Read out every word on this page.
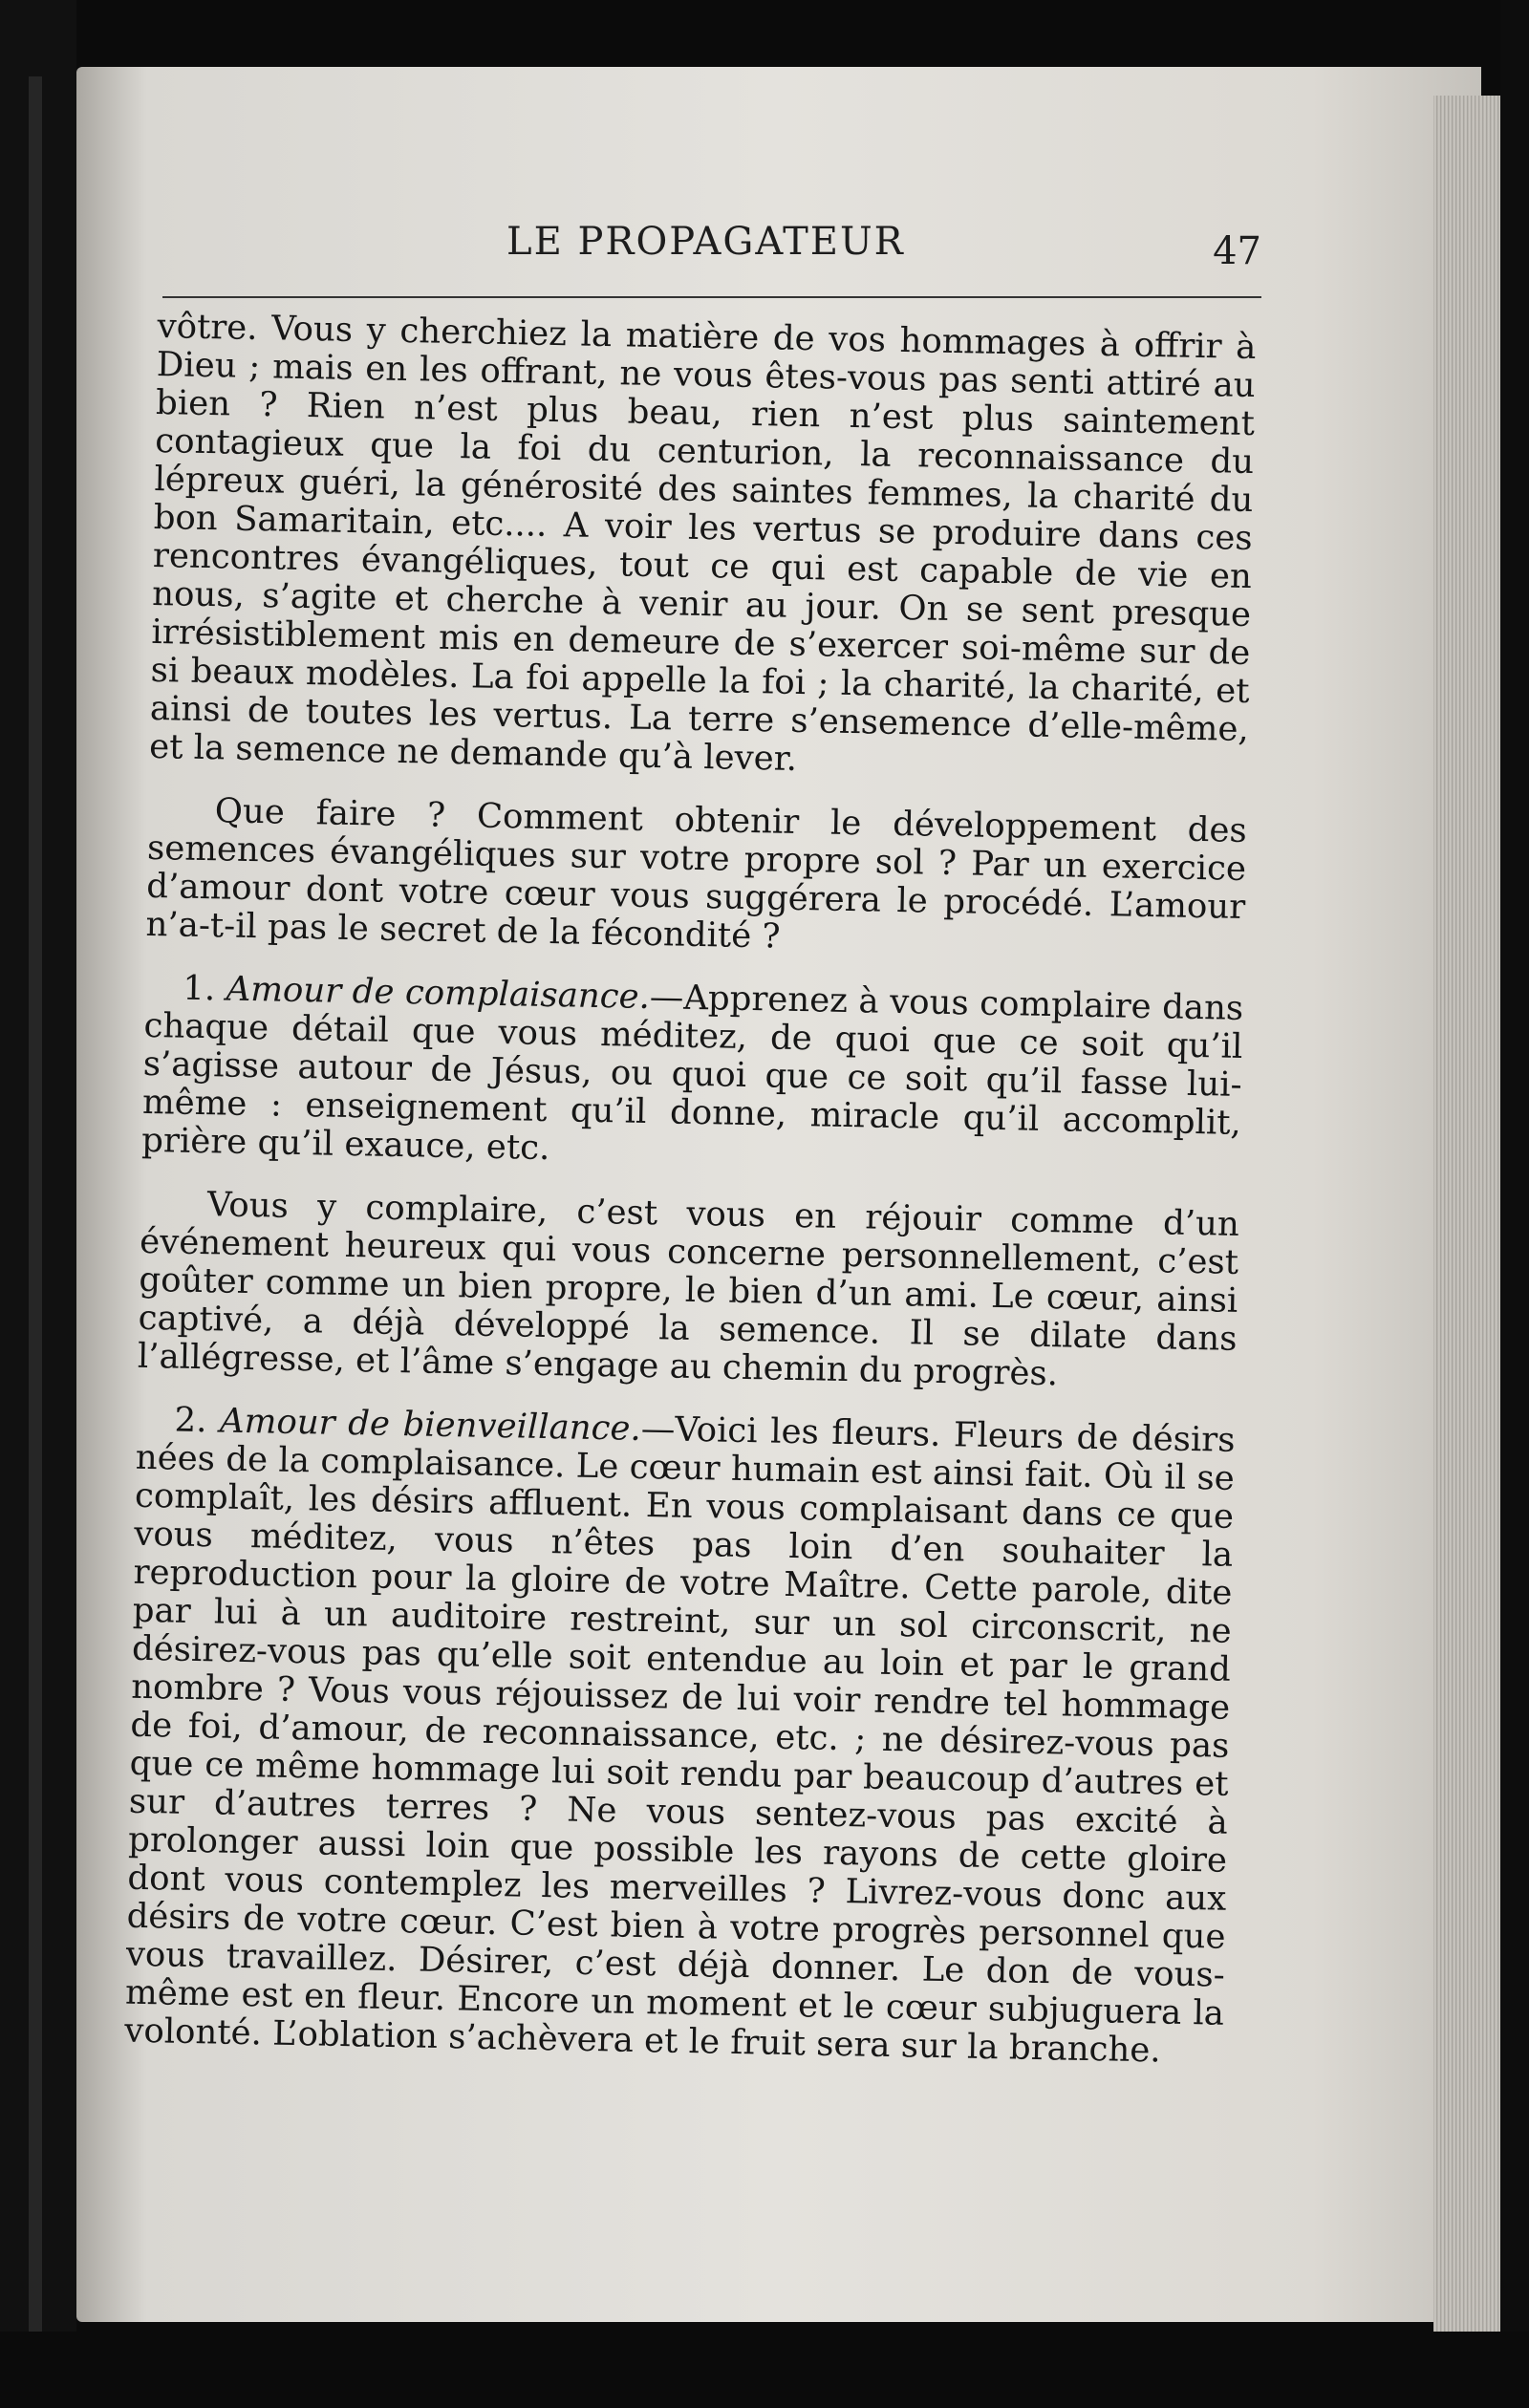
LE PROPAGATEUR	47

vôtre. Vous y cherchiez la matière de vos hommages à offrir à Dieu ; mais en les offrant, ne vous êtes-vous pas senti attiré au bien ? Rien n’est plus beau, rien n’est plus saintement contagieux que la foi du centurion, la reconnaissance du lépreux guéri, la générosité des saintes femmes, la charité du bon Samaritain, etc.... A voir les vertus se produire dans ces rencontres évangéliques, tout ce qui est capable de vie en nous, s’agite et cherche à venir au jour. On se sent presque irrésistiblement mis en demeure de s’exercer soi-même sur de si beaux modèles. La foi appelle la foi ; la charité, la charité, et ainsi de toutes les vertus. La terre s’ensemence d’elle-même, et la semence ne demande qu’à lever.

Que faire ? Comment obtenir le développement des semences évangéliques sur votre propre sol ? Par un exercice d’amour dont votre cœur vous suggérera le procédé. L’amour n’a-t-il pas le secret de la fécondité ?

1. Amour de complaisance.—Apprenez à vous complaire dans chaque détail que vous méditez, de quoi que ce soit qu’il s’agisse autour de Jésus, ou quoi que ce soit qu’il fasse lui-même : enseignement qu’il donne, miracle qu’il accomplit, prière qu’il exauce, etc.

Vous y complaire, c’est vous en réjouir comme d’un événement heureux qui vous concerne personnellement, c’est goûter comme un bien propre, le bien d’un ami. Le cœur, ainsi captivé, a déjà développé la semence. Il se dilate dans l’allégresse, et l’âme s’engage au chemin du progrès.

2. Amour de bienveillance.—Voici les fleurs. Fleurs de désirs nées de la complaisance. Le cœur humain est ainsi fait. Où il se complaît, les désirs affluent. En vous complaisant dans ce que vous méditez, vous n’êtes pas loin d’en souhaiter la reproduction pour la gloire de votre Maître. Cette parole, dite par lui à un auditoire restreint, sur un sol circonscrit, ne désirez-vous pas qu’elle soit entendue au loin et par le grand nombre ? Vous vous réjouissez de lui voir rendre tel hommage de foi, d’amour, de reconnaissance, etc. ; ne désirez-vous pas que ce même hommage lui soit rendu par beaucoup d’autres et sur d’autres terres ? Ne vous sentez-vous pas excité à prolonger aussi loin que possible les rayons de cette gloire dont vous contemplez les merveilles ? Livrez-vous donc aux désirs de votre cœur. C’est bien à votre progrès personnel que vous travaillez. Désirer, c’est déjà donner. Le don de vous-même est en fleur. Encore un moment et le cœur subjuguera la volonté. L’oblation s’achèvera et le fruit sera sur la branche.
